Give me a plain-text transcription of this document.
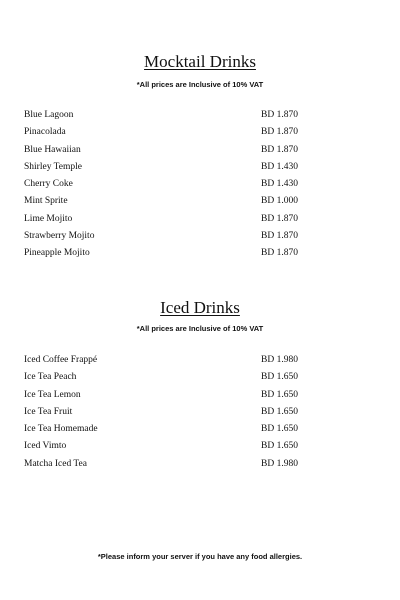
Mocktail Drinks
*All prices are Inclusive of 10% VAT
Blue Lagoon	BD 1.870
Pinacolada	BD 1.870
Blue Hawaiian	BD 1.870
Shirley Temple	BD 1.430
Cherry Coke	BD 1.430
Mint Sprite	BD 1.000
Lime Mojito	BD 1.870
Strawberry Mojito	BD 1.870
Pineapple Mojito	BD 1.870
Iced Drinks
*All prices are Inclusive of 10% VAT
Iced Coffee Frappé	BD 1.980
Ice Tea Peach	BD 1.650
Ice Tea Lemon	BD 1.650
Ice Tea Fruit	BD 1.650
Ice Tea Homemade	BD 1.650
Iced Vimto	BD 1.650
Matcha Iced Tea	BD 1.980
*Please inform your server if you have any food allergies.
